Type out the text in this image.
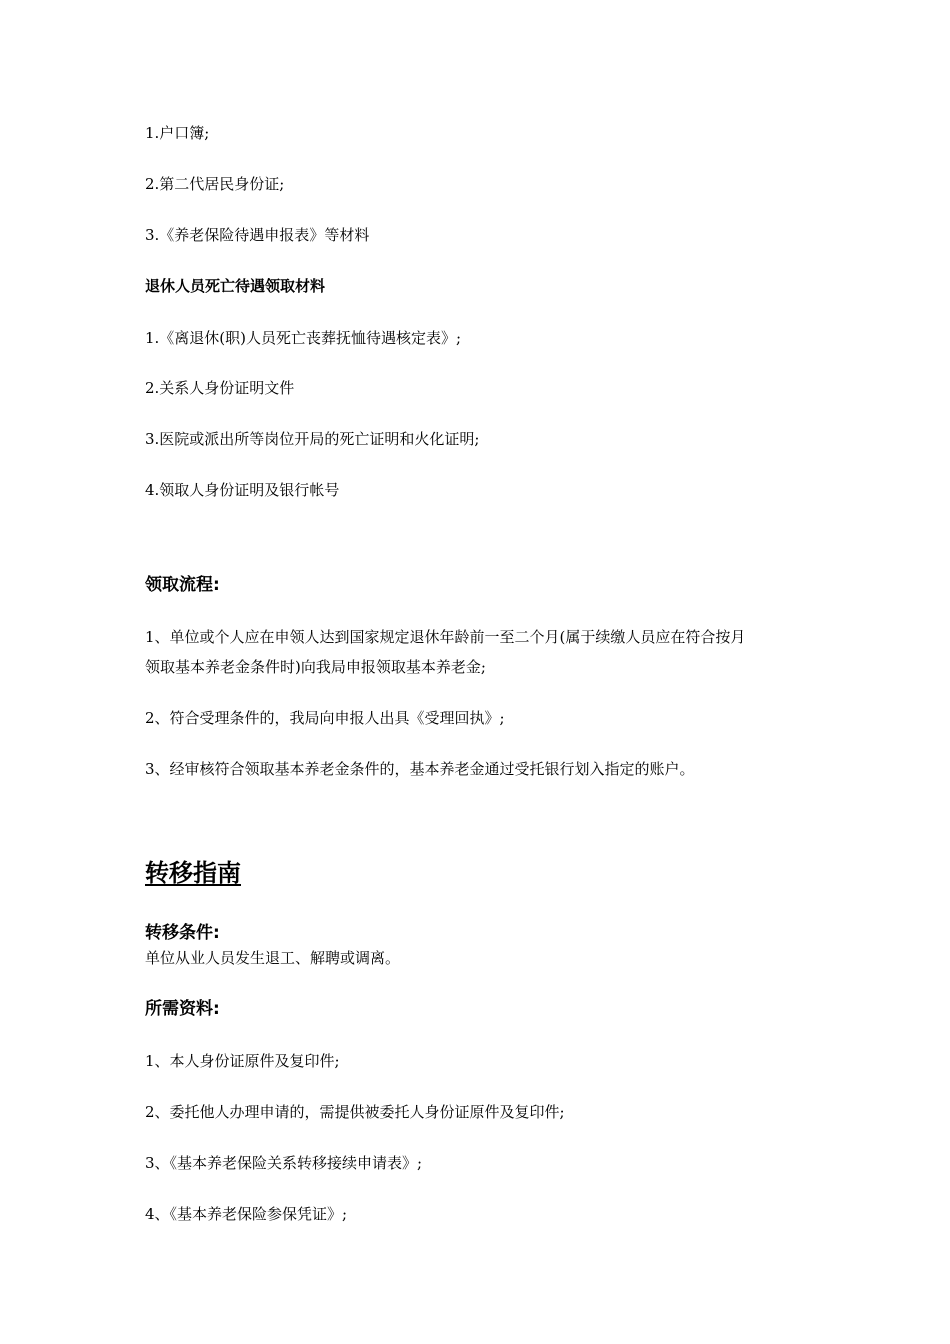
1.户口簿;
2.第二代居民身份证;
3.《养老保险待遇申报表》等材料
退休人员死亡待遇领取材料
1.《离退休(职)人员死亡丧葬抚恤待遇核定表》;
2.关系人身份证明文件
3.医院或派出所等岗位开局的死亡证明和火化证明;
4.领取人身份证明及银行帐号
领取流程:
1、单位或个人应在申领人达到国家规定退休年龄前一至二个月(属于续缴人员应在符合按月
领取基本养老金条件时)向我局申报领取基本养老金;
2、符合受理条件的，我局向申报人出具《受理回执》;
3、经审核符合领取基本养老金条件的，基本养老金通过受托银行划入指定的账户。
转移指南
转移条件:
单位从业人员发生退工、解聘或调离。
所需资料:
1、本人身份证原件及复印件;
2、委托他人办理申请的，需提供被委托人身份证原件及复印件;
3、《基本养老保险关系转移接续申请表》;
4、《基本养老保险参保凭证》;
